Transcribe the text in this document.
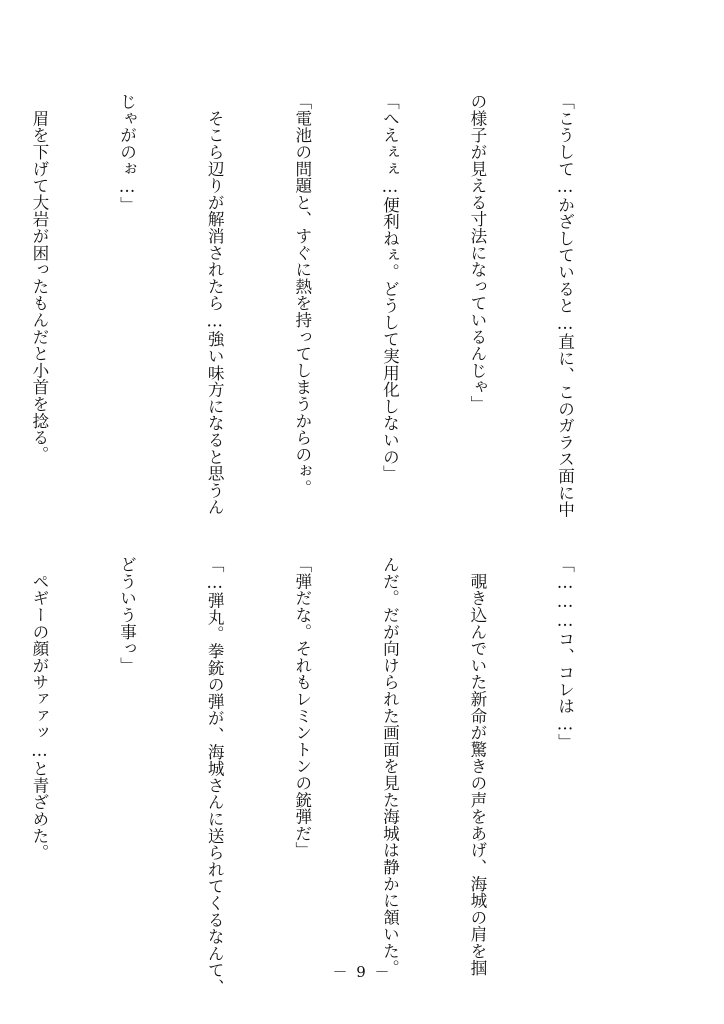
「こうして…かざしていると…直に、このガラス面に中

の様子が見える寸法になっているんじゃ」

「へえぇぇ…便利ねぇ。どうして実用化しないの」

「電池の問題と、すぐに熱を持ってしまうからのぉ。

　そこら辺りが解消されたら…強い味方になると思うん

じゃがのぉ…」

　眉を下げて大岩が困ったもんだと小首を捻る。

「………コ、コレは…」

　覗き込んでいた新命が驚きの声をあげ、海城の肩を掴

んだ。だが向けられた画面を見た海城は静かに頷いた。

「弾だな。それもレミントンの銃弾だ」

「…弾丸。拳銃の弾が、海城さんに送られてくるなんて、

どういう事っ」

　ペギーの顔がサァァッ…と青ざめた。

－ 9 －
